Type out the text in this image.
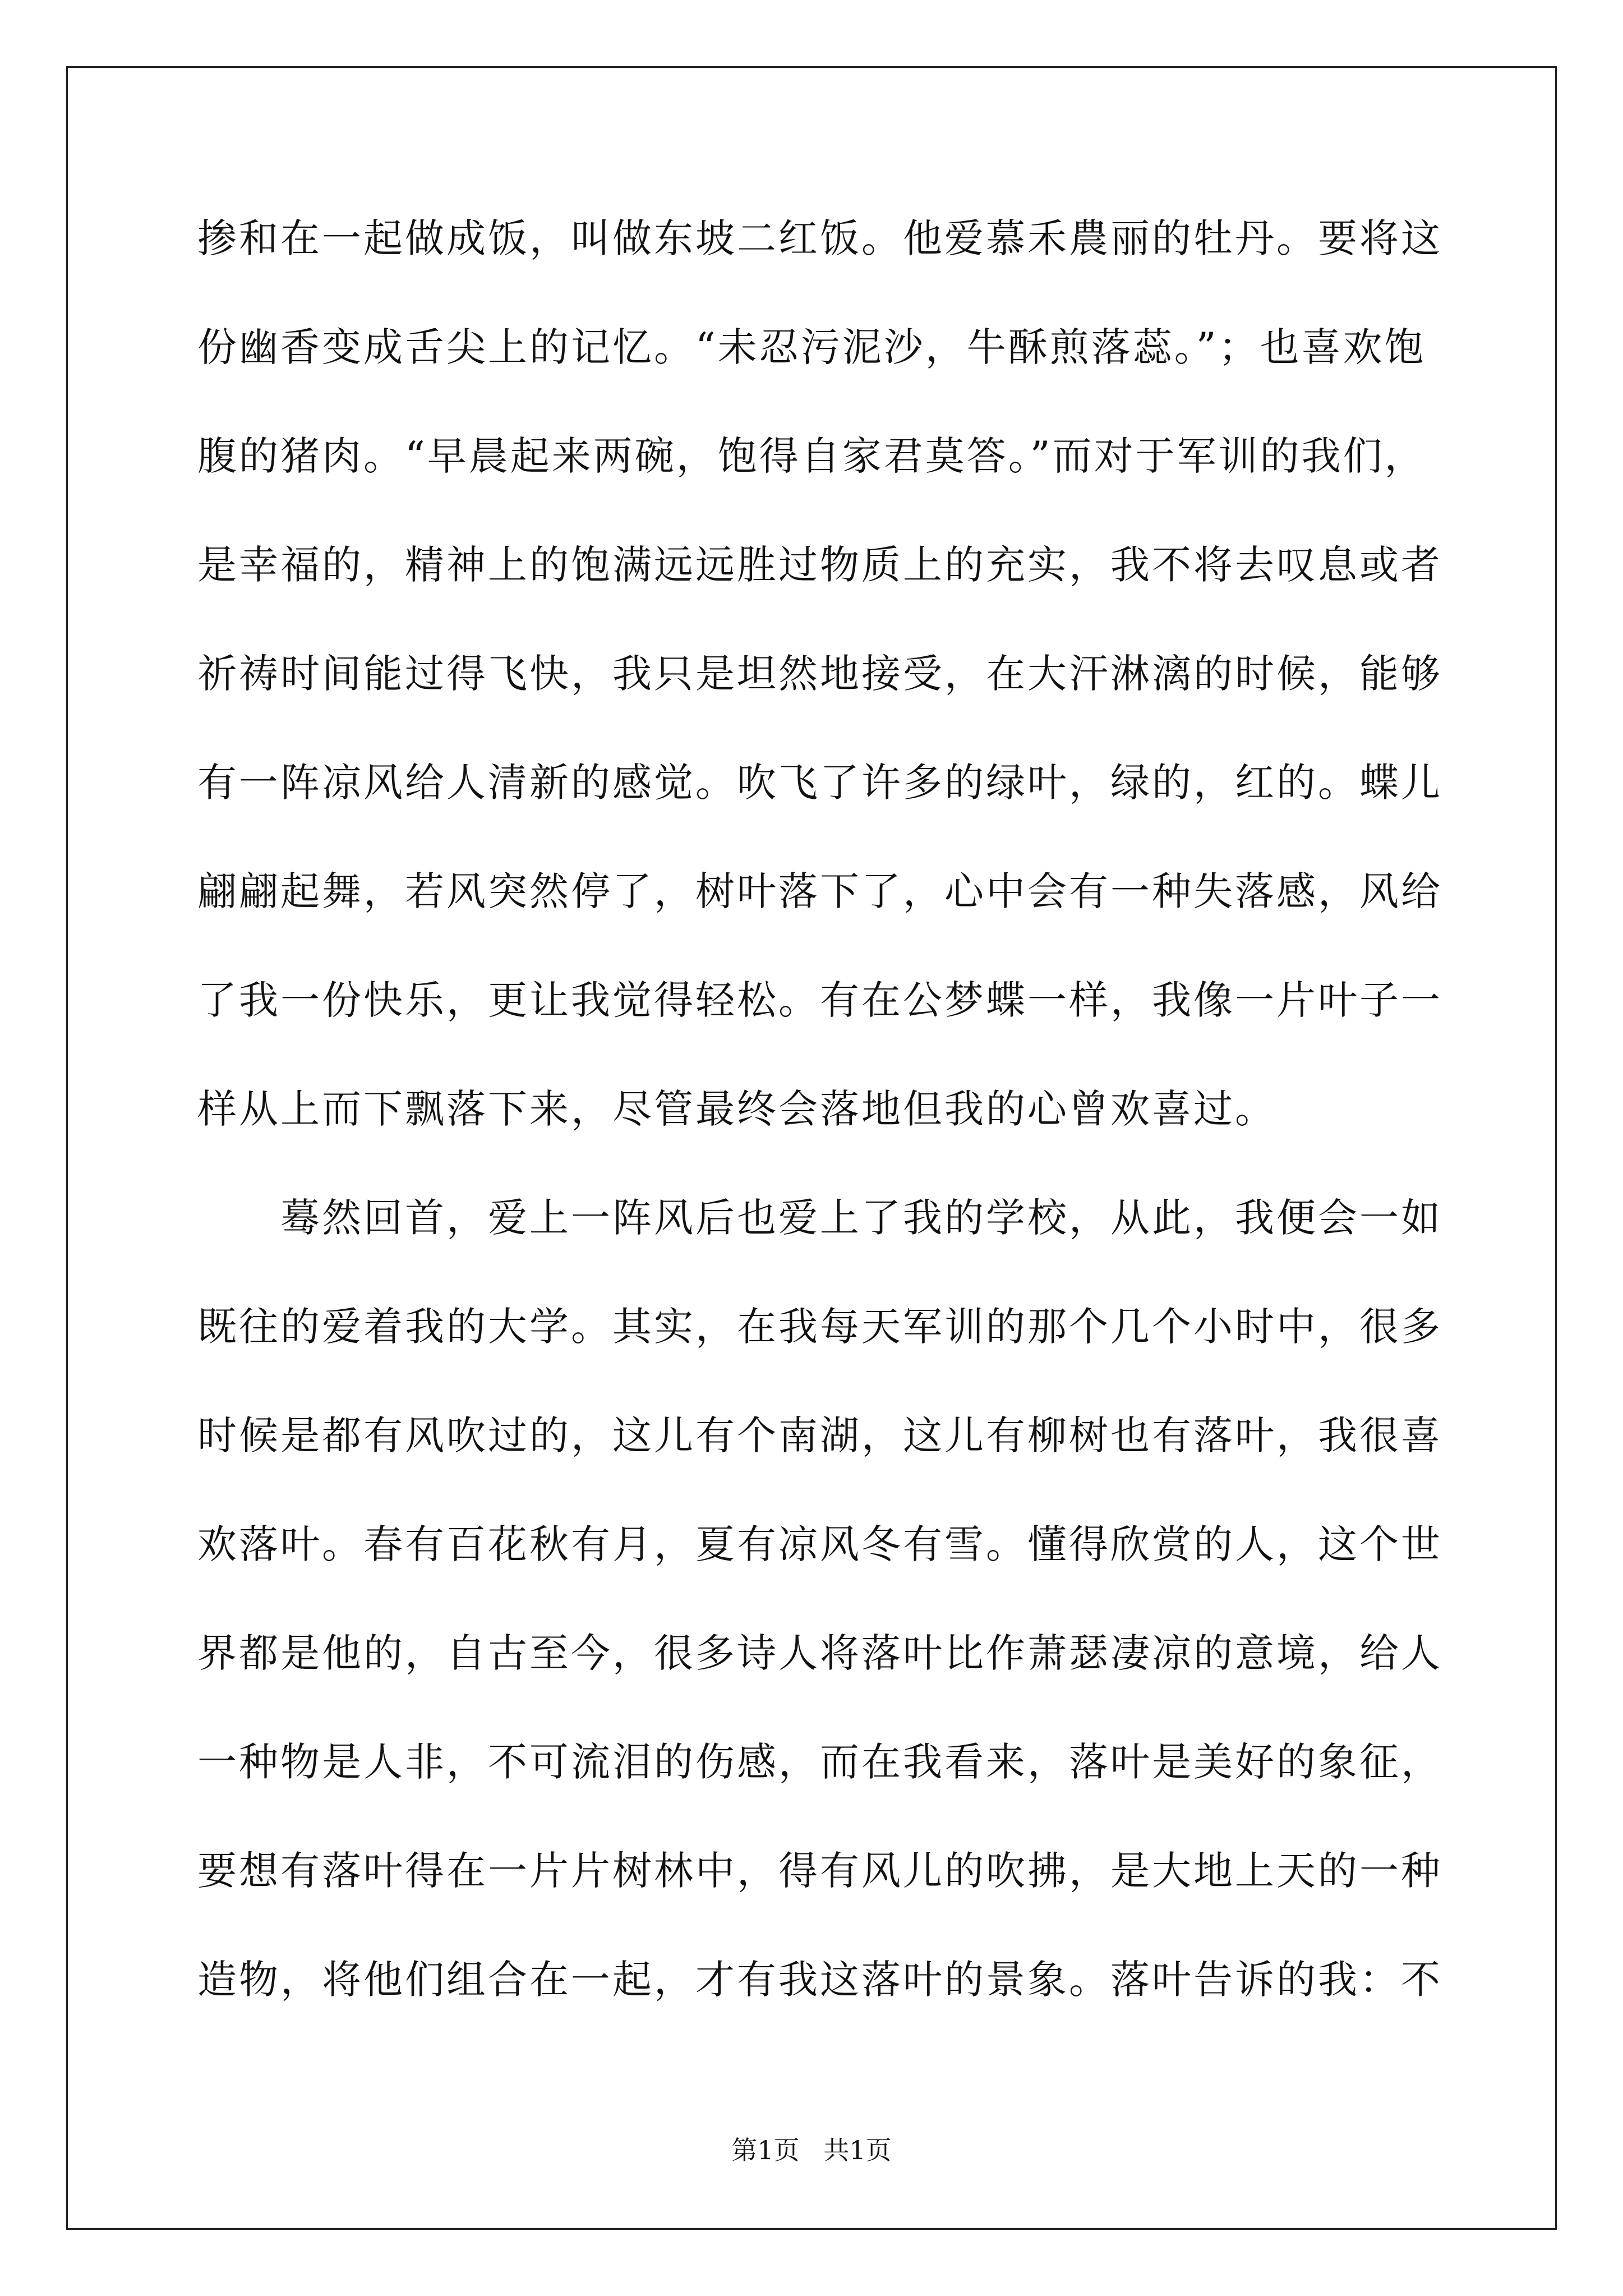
掺和在一起做成饭，叫做东坡二红饭。他爱慕禾農丽的牡丹。要将这
份幽香变成舌尖上的记忆。“未忍污泥沙，牛酥煎落蕊。”；也喜欢饱
腹的猪肉。“早晨起来两碗，饱得自家君莫答。”而对于军训的我们，
是幸福的，精神上的饱满远远胜过物质上的充实，我不将去叹息或者
祈祷时间能过得飞快，我只是坦然地接受，在大汗淋漓的时候，能够
有一阵凉风给人清新的感觉。吹飞了许多的绿叶，绿的，红的。蝶儿
翩翩起舞，若风突然停了，树叶落下了，心中会有一种失落感，风给
了我一份快乐，更让我觉得轻松。有在公梦蝶一样，我像一片叶子一
样从上而下飘落下来，尽管最终会落地但我的心曾欢喜过。
蓦然回首，爱上一阵风后也爱上了我的学校，从此，我便会一如
既往的爱着我的大学。其实，在我每天军训的那个几个小时中，很多
时候是都有风吹过的，这儿有个南湖，这儿有柳树也有落叶，我很喜
欢落叶。春有百花秋有月，夏有凉风冬有雪。懂得欣赏的人，这个世
界都是他的，自古至今，很多诗人将落叶比作萧瑟凄凉的意境，给人
一种物是人非，不可流泪的伤感，而在我看来，落叶是美好的象征，
要想有落叶得在一片片树林中，得有风儿的吹拂，是大地上天的一种
造物，将他们组合在一起，才有我这落叶的景象。落叶告诉的我：不
第1页 共1页
